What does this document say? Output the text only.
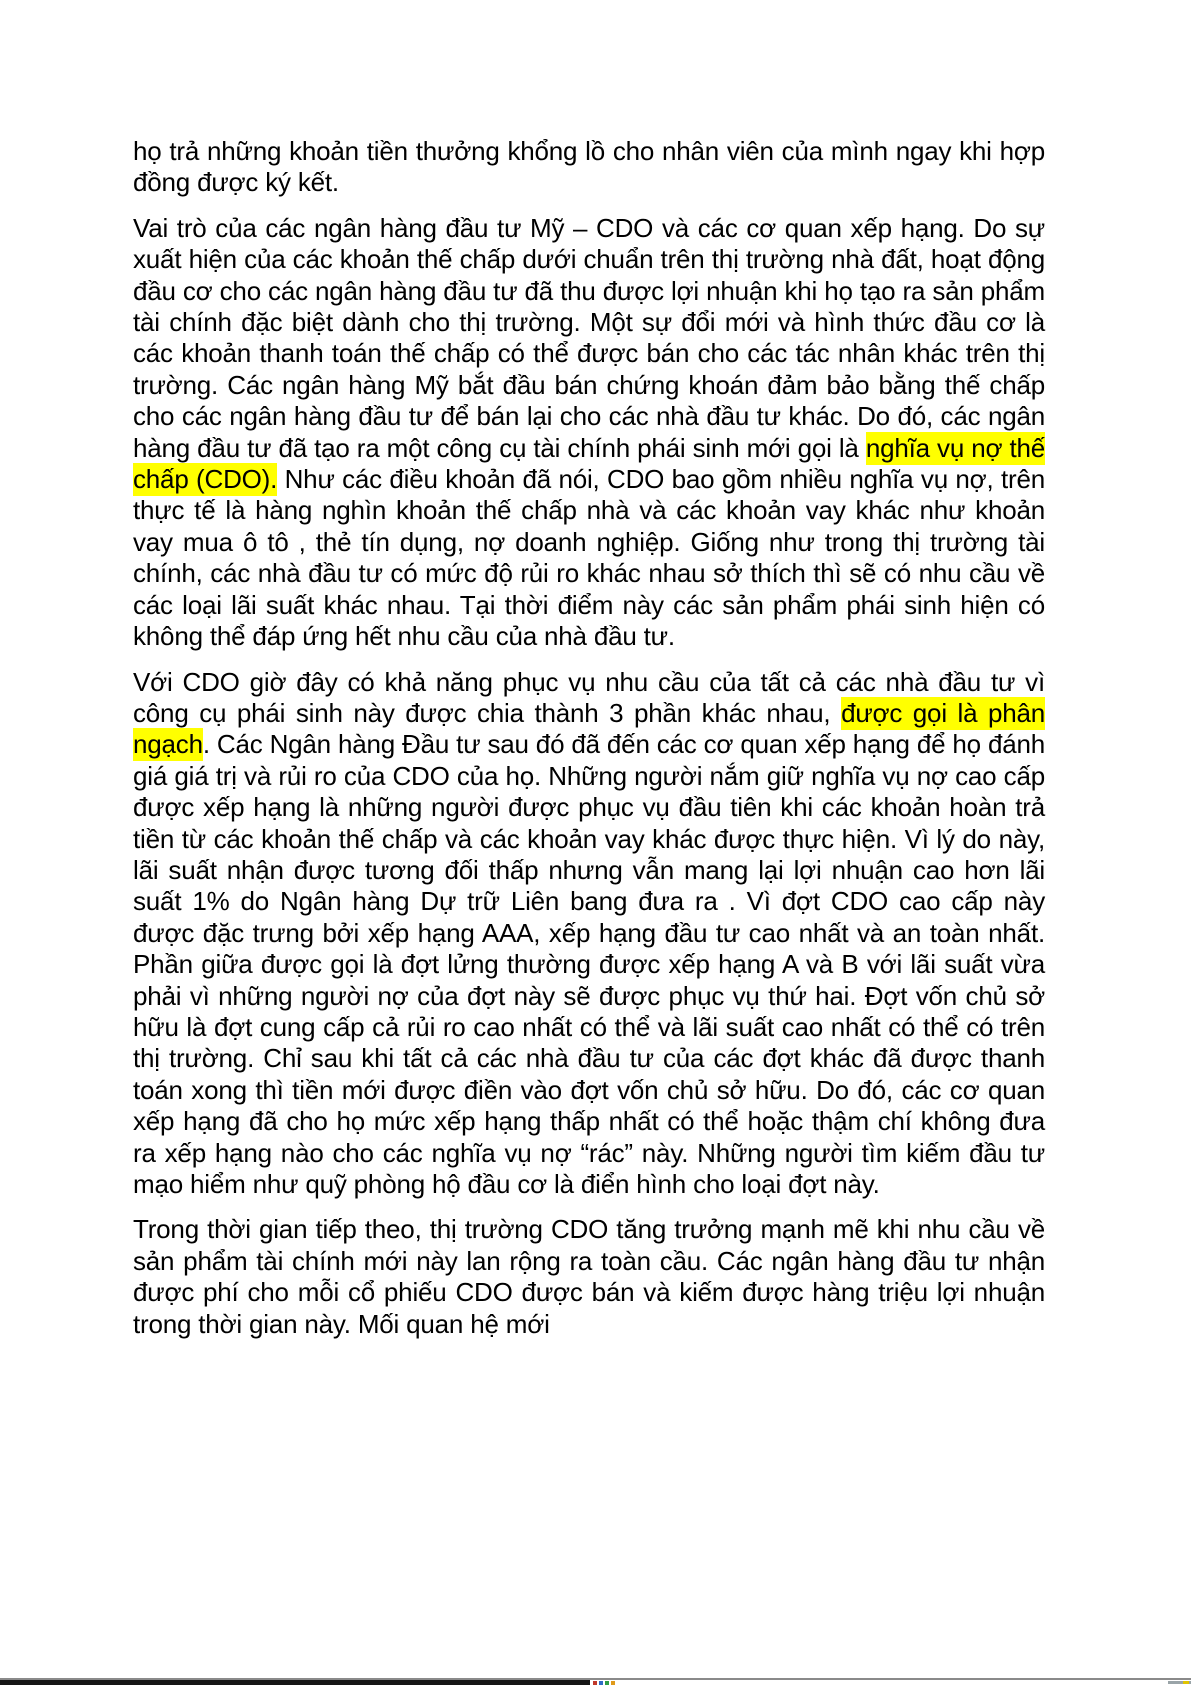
họ trả những khoản tiền thưởng khổng lồ cho nhân viên của mình ngay khi hợp đồng được ký kết.

Vai trò của các ngân hàng đầu tư Mỹ – CDO và các cơ quan xếp hạng. Do sự xuất hiện của các khoản thế chấp dưới chuẩn trên thị trường nhà đất, hoạt động đầu cơ cho các ngân hàng đầu tư đã thu được lợi nhuận khi họ tạo ra sản phẩm tài chính đặc biệt dành cho thị trường. Một sự đổi mới và hình thức đầu cơ là các khoản thanh toán thế chấp có thể được bán cho các tác nhân khác trên thị trường. Các ngân hàng Mỹ bắt đầu bán chứng khoán đảm bảo bằng thế chấp cho các ngân hàng đầu tư để bán lại cho các nhà đầu tư khác. Do đó, các ngân hàng đầu tư đã tạo ra một công cụ tài chính phái sinh mới gọi là nghĩa vụ nợ thế chấp (CDO). Như các điều khoản đã nói, CDO bao gồm nhiều nghĩa vụ nợ, trên thực tế là hàng nghìn khoản thế chấp nhà và các khoản vay khác như khoản vay mua ô tô , thẻ tín dụng, nợ doanh nghiệp. Giống như trong thị trường tài chính, các nhà đầu tư có mức độ rủi ro khác nhau sở thích thì sẽ có nhu cầu về các loại lãi suất khác nhau. Tại thời điểm này các sản phẩm phái sinh hiện có không thể đáp ứng hết nhu cầu của nhà đầu tư.

Với CDO giờ đây có khả năng phục vụ nhu cầu của tất cả các nhà đầu tư vì công cụ phái sinh này được chia thành 3 phần khác nhau, được gọi là phân ngạch. Các Ngân hàng Đầu tư sau đó đã đến các cơ quan xếp hạng để họ đánh giá giá trị và rủi ro của CDO của họ. Những người nắm giữ nghĩa vụ nợ cao cấp được xếp hạng là những người được phục vụ đầu tiên khi các khoản hoàn trả tiền từ các khoản thế chấp và các khoản vay khác được thực hiện. Vì lý do này, lãi suất nhận được tương đối thấp nhưng vẫn mang lại lợi nhuận cao hơn lãi suất 1% do Ngân hàng Dự trữ Liên bang đưa ra . Vì đợt CDO cao cấp này được đặc trưng bởi xếp hạng AAA, xếp hạng đầu tư cao nhất và an toàn nhất. Phần giữa được gọi là đợt lửng thường được xếp hạng A và B với lãi suất vừa phải vì những người nợ của đợt này sẽ được phục vụ thứ hai. Đợt vốn chủ sở hữu là đợt cung cấp cả rủi ro cao nhất có thể và lãi suất cao nhất có thể có trên thị trường. Chỉ sau khi tất cả các nhà đầu tư của các đợt khác đã được thanh toán xong thì tiền mới được điền vào đợt vốn chủ sở hữu. Do đó, các cơ quan xếp hạng đã cho họ mức xếp hạng thấp nhất có thể hoặc thậm chí không đưa ra xếp hạng nào cho các nghĩa vụ nợ “rác” này. Những người tìm kiếm đầu tư mạo hiểm như quỹ phòng hộ đầu cơ là điển hình cho loại đợt này.

Trong thời gian tiếp theo, thị trường CDO tăng trưởng mạnh mẽ khi nhu cầu về sản phẩm tài chính mới này lan rộng ra toàn cầu. Các ngân hàng đầu tư nhận được phí cho mỗi cổ phiếu CDO được bán và kiếm được hàng triệu lợi nhuận trong thời gian này. Mối quan hệ mới
